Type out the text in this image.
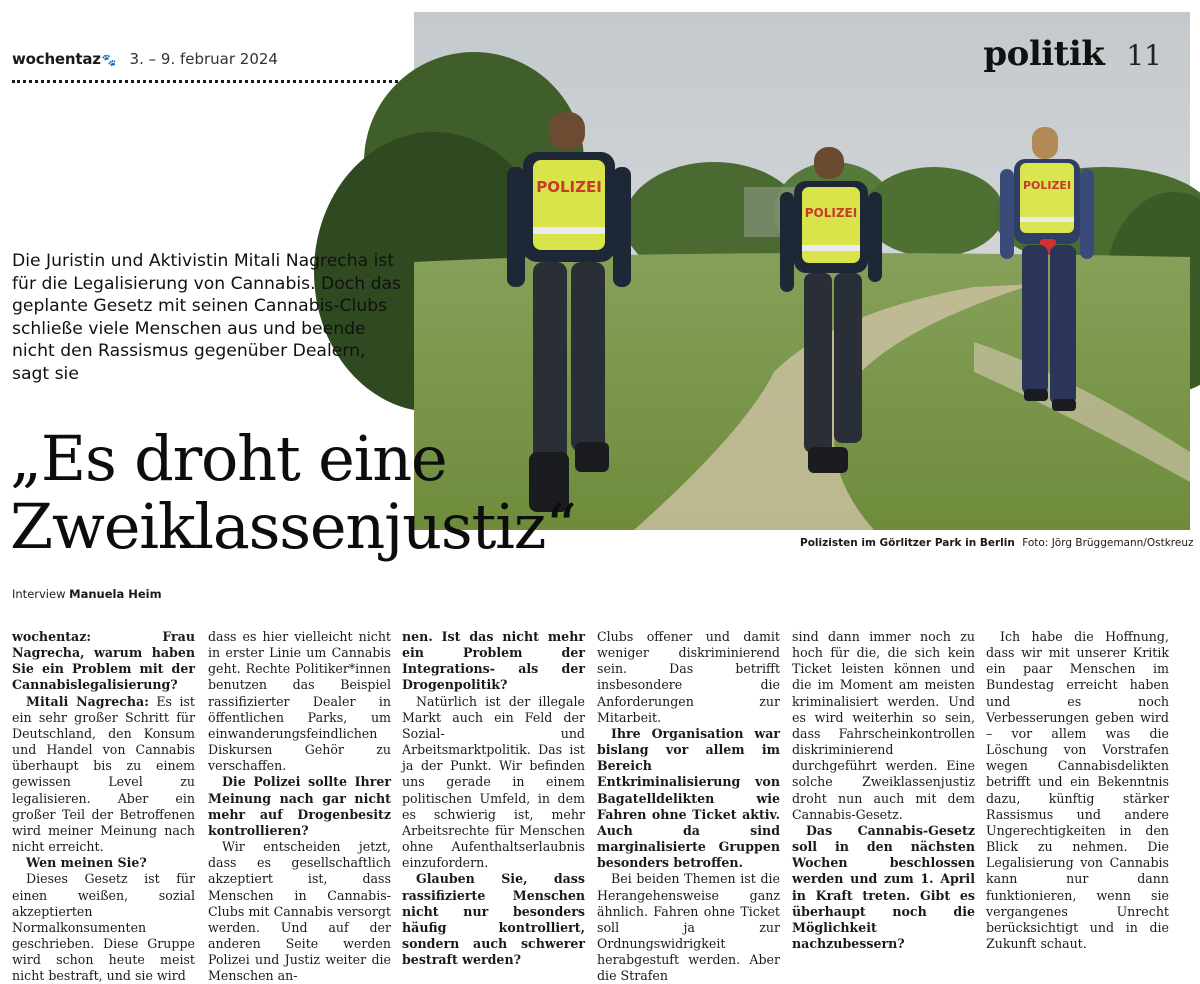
wochentaz🐾 3. – 9. februar 2024
POLIZEI
POLIZEI
POLIZEI
politik 11
Die Juristin und Aktivistin Mitali Nagrecha ist für die Legalisierung von Cannabis. Doch das geplante Gesetz mit seinen Cannabis-Clubs schließe viele Menschen aus und beende nicht den Rassismus gegenüber Dealern, sagt sie
„Es droht eine
Zweiklassenjustiz“	Polizisten im Görlitzer Park in Berlin Foto: Jörg Brüggemann/Ostkreuz
Interview Manuela Heim

wochentaz: Frau Nagrecha, warum haben Sie ein Problem mit der Cannabislegalisierung?

Mitali Nagrecha: Es ist ein sehr großer Schritt für Deutschland, den Konsum und Handel von Cannabis überhaupt bis zu einem gewissen Level zu legalisieren. Aber ein großer Teil der Betroffenen wird meiner Meinung nach nicht erreicht.

Wen meinen Sie?

Dieses Gesetz ist für einen weißen, sozial akzeptierten Normalkonsumenten geschrieben. Diese Gruppe wird schon heute meist nicht bestraft, und sie wird

dass es hier vielleicht nicht in erster Linie um Cannabis geht. Rechte Politiker*innen benutzen das Beispiel rassifizierter Dealer in öffentlichen Parks, um einwanderungsfeindlichen Diskursen Gehör zu verschaffen.

Die Polizei sollte Ihrer Meinung nach gar nicht mehr auf Drogenbesitz kontrollieren?

Wir entscheiden jetzt, dass es gesellschaftlich akzeptiert ist, dass Menschen in Cannabis-Clubs mit Cannabis versorgt werden. Und auf der anderen Seite werden Polizei und Justiz weiter die Menschen an-

nen. Ist das nicht mehr ein Problem der Integrations- als der Drogenpolitik?

Natürlich ist der illegale Markt auch ein Feld der Sozial- und Arbeitsmarktpolitik. Das ist ja der Punkt. Wir befinden uns gerade in einem politischen Umfeld, in dem es schwierig ist, mehr Arbeitsrechte für Menschen ohne Aufenthaltserlaubnis einzufordern.

Glauben Sie, dass rassifizierte Menschen nicht nur besonders häufig kontrolliert, sondern auch schwerer bestraft werden?

Clubs offener und damit weniger diskriminierend sein. Das betrifft insbesondere die Anforderungen zur Mitarbeit.

Ihre Organisation war bislang vor allem im Bereich Entkriminalisierung von Bagatelldelikten wie Fahren ohne Ticket aktiv. Auch da sind marginalisierte Gruppen besonders betroffen.

Bei beiden Themen ist die Herangehensweise ganz ähnlich. Fahren ohne Ticket soll ja zur Ordnungswidrigkeit herabgestuft werden. Aber die Strafen

sind dann immer noch zu hoch für die, die sich kein Ticket leisten können und die im Moment am meisten kriminalisiert werden. Und es wird weiterhin so sein, dass Fahrscheinkontrollen diskriminierend durchgeführt werden. Eine solche Zweiklassenjustiz droht nun auch mit dem Cannabis-Gesetz.

Das Cannabis-Gesetz soll in den nächsten Wochen beschlossen werden und zum 1. April in Kraft treten. Gibt es überhaupt noch die Möglichkeit nachzubessern?

Ich habe die Hoffnung, dass wir mit unserer Kritik ein paar Menschen im Bundestag erreicht haben und es noch Verbesserungen geben wird – vor allem was die Löschung von Vorstrafen wegen Cannabisdelikten betrifft und ein Bekenntnis dazu, künftig stärker Rassismus und andere Ungerechtigkeiten in den Blick zu nehmen. Die Legalisierung von Cannabis kann nur dann funktionieren, wenn sie vergangenes Unrecht berücksichtigt und in die Zukunft schaut.
